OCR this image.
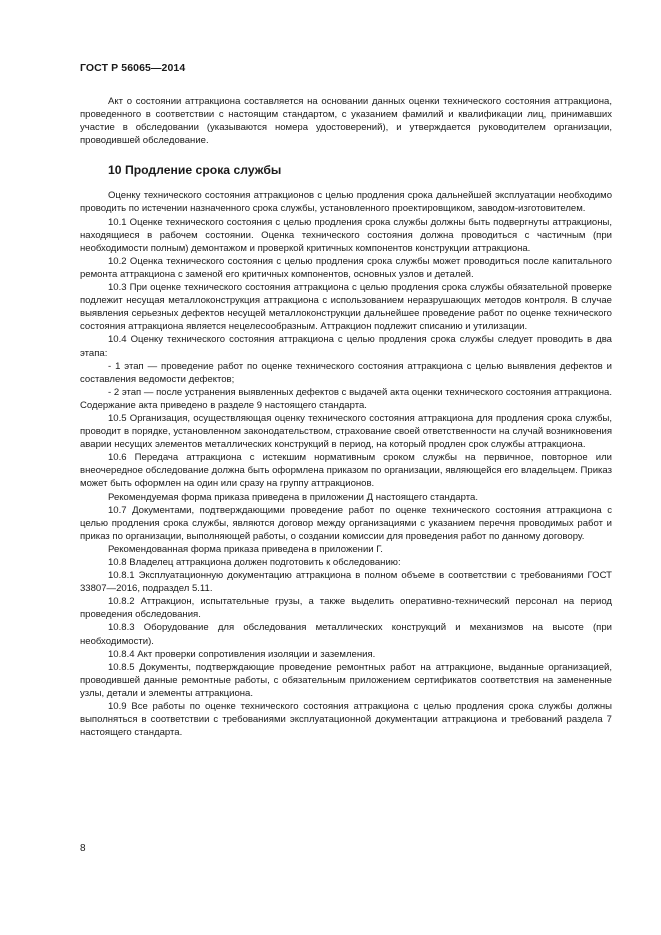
ГОСТ Р 56065—2014

Акт о состоянии аттракциона составляется на основании данных оценки технического состояния аттракциона, проведенного в соответствии с настоящим стандартом, с указанием фамилий и квалификации лиц, принимавших участие в обследовании (указываются номера удостоверений), и утверждается руководителем организации, проводившей обследование.

10 Продление срока службы

Оценку технического состояния аттракционов с целью продления срока дальнейшей эксплуатации необходимо проводить по истечении назначенного срока службы, установленного проектировщиком, заводом-изготовителем.

10.1 Оценке технического состояния с целью продления срока службы должны быть подвергнуты аттракционы, находящиеся в рабочем состоянии. Оценка технического состояния должна проводиться с частичным (при необходимости полным) демонтажом и проверкой критичных компонентов конструкции аттракциона.

10.2 Оценка технического состояния с целью продления срока службы может проводиться после капитального ремонта аттракциона с заменой его критичных компонентов, основных узлов и деталей.

10.3 При оценке технического состояния аттракциона с целью продления срока службы обязательной проверке подлежит несущая металлоконструкция аттракциона с использованием неразрушающих методов контроля. В случае выявления серьезных дефектов несущей металлоконструкции дальнейшее проведение работ по оценке технического состояния аттракциона является нецелесообразным. Аттракцион подлежит списанию и утилизации.

10.4 Оценку технического состояния аттракциона с целью продления срока службы следует проводить в два этапа:

- 1 этап — проведение работ по оценке технического состояния аттракциона с целью выявления дефектов и составления ведомости дефектов;

- 2 этап — после устранения выявленных дефектов с выдачей акта оценки технического состояния аттракциона. Содержание акта приведено в разделе 9 настоящего стандарта.

10.5 Организация, осуществляющая оценку технического состояния аттракциона для продления срока службы, проводит в порядке, установленном законодательством, страхование своей ответственности на случай возникновения аварии несущих элементов металлических конструкций в период, на который продлен срок службы аттракциона.

10.6 Передача аттракциона с истекшим нормативным сроком службы на первичное, повторное или внеочередное обследование должна быть оформлена приказом по организации, являющейся его владельцем. Приказ может быть оформлен на один или сразу на группу аттракционов.

Рекомендуемая форма приказа приведена в приложении Д настоящего стандарта.

10.7 Документами, подтверждающими проведение работ по оценке технического состояния аттракциона с целью продления срока службы, являются договор между организациями с указанием перечня проводимых работ и приказ по организации, выполняющей работы, о создании комиссии для проведения работ по данному договору.

Рекомендованная форма приказа приведена в приложении Г.

10.8 Владелец аттракциона должен подготовить к обследованию:

10.8.1 Эксплуатационную документацию аттракциона в полном объеме в соответствии с требованиями ГОСТ 33807—2016, подраздел 5.11.

10.8.2 Аттракцион, испытательные грузы, а также выделить оперативно-технический персонал на период проведения обследования.

10.8.3 Оборудование для обследования металлических конструкций и механизмов на высоте (при необходимости).

10.8.4 Акт проверки сопротивления изоляции и заземления.

10.8.5 Документы, подтверждающие проведение ремонтных работ на аттракционе, выданные организацией, проводившей данные ремонтные работы, с обязательным приложением сертификатов соответствия на замененные узлы, детали и элементы аттракциона.

10.9 Все работы по оценке технического состояния аттракциона с целью продления срока службы должны выполняться в соответствии с требованиями эксплуатационной документации аттракциона и требований раздела 7 настоящего стандарта.

8
